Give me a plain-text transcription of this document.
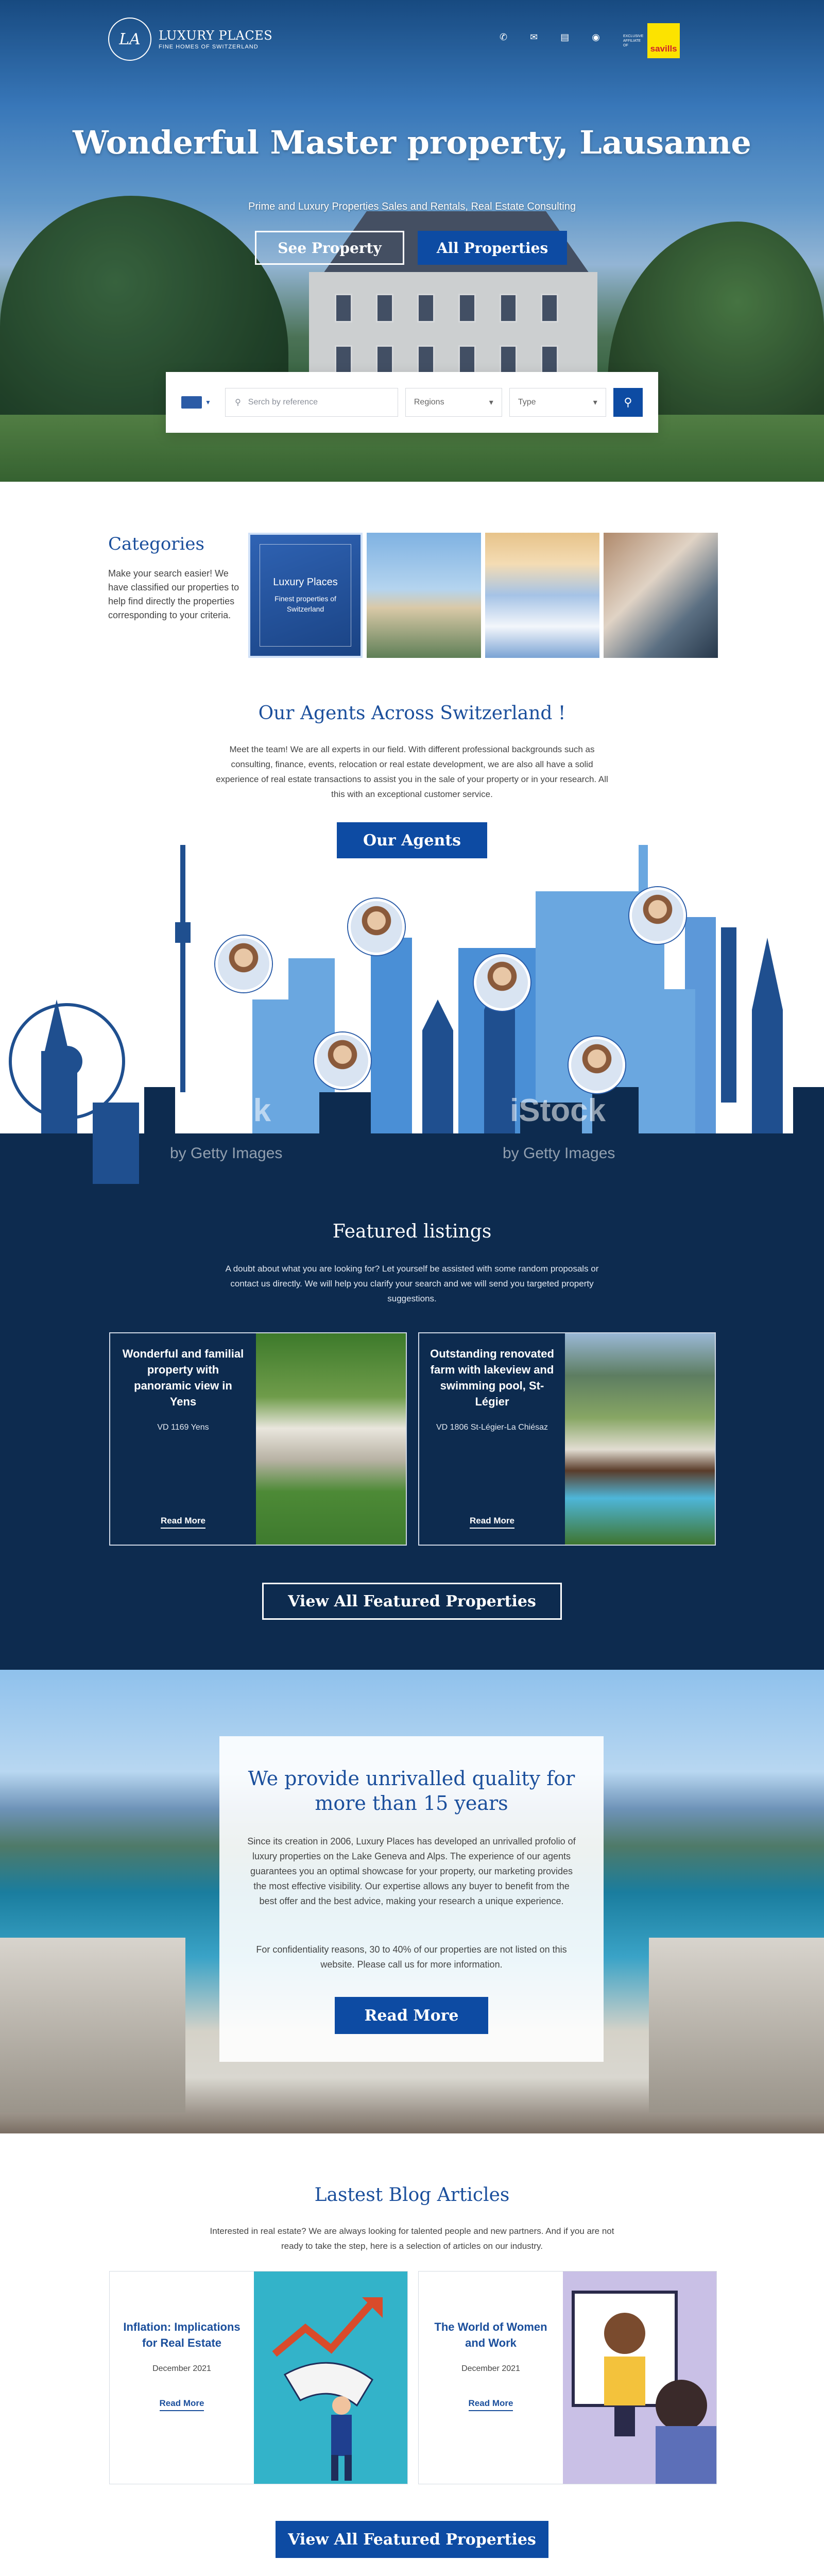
LA	LUXURY PLACES
FINE HOMES OF SWITZERLAND
✆ ✉ ▤ ◉	EXCLUSIVE AFFILIATE OF	savills
Wonderful Master property, Lausanne
Prime and Luxury Properties Sales and Rentals, Real Estate Consulting
See Property	All Properties
▼	⚲ Serch by reference	Regions	▾	Type	▾ ⚲
Categories
Make your search easier! We have classified our properties to help find directly the properties corresponding to your criteria.
Luxury Places
Finest properties of Switzerland
Our Agents Across Switzerland !
Meet the team! We are all experts in our field. With different professional backgrounds such as consulting, finance, events, relocation or real estate development, we are also all have a solid experience of real estate transactions to assist you in the sale of your property or in your research. All this with an exceptional customer service.
Our Agents
iStock
by Getty Images
iStock
by Getty Images
Featured listings
A doubt about what you are looking for? Let yourself be assisted with some random proposals or contact us directly. We will help you clarify your search and we will send you targeted property suggestions.
Wonderful and familial property with panoramic view in Yens
VD 1169 Yens
Read More
Outstanding renovated farm with lakeview and swimming pool, St-Légier
VD 1806 St-Légier-La Chiésaz
Read More
View All Featured Properties
We provide unrivalled quality for more than 15 years
Since its creation in 2006, Luxury Places has developed an unrivalled profolio of luxury properties on the Lake Geneva and Alps. The experience of our agents guarantees you an optimal showcase for your property, our marketing provides the most effective visibility. Our expertise allows any buyer to benefit from the best offer and the best advice, making your research a unique experience.
For confidentiality reasons, 30 to 40% of our properties are not listed on this website. Please call us for more information.
Read More
Lastest Blog Articles
Interested in real estate? We are always looking for talented people and new partners. And if you are not ready to take the step, here is a selection of articles on our industry.
Inflation: Implications for Real Estate
December 2021
Read More
The World of Women and Work
December 2021
Read More
View All Featured Properties
